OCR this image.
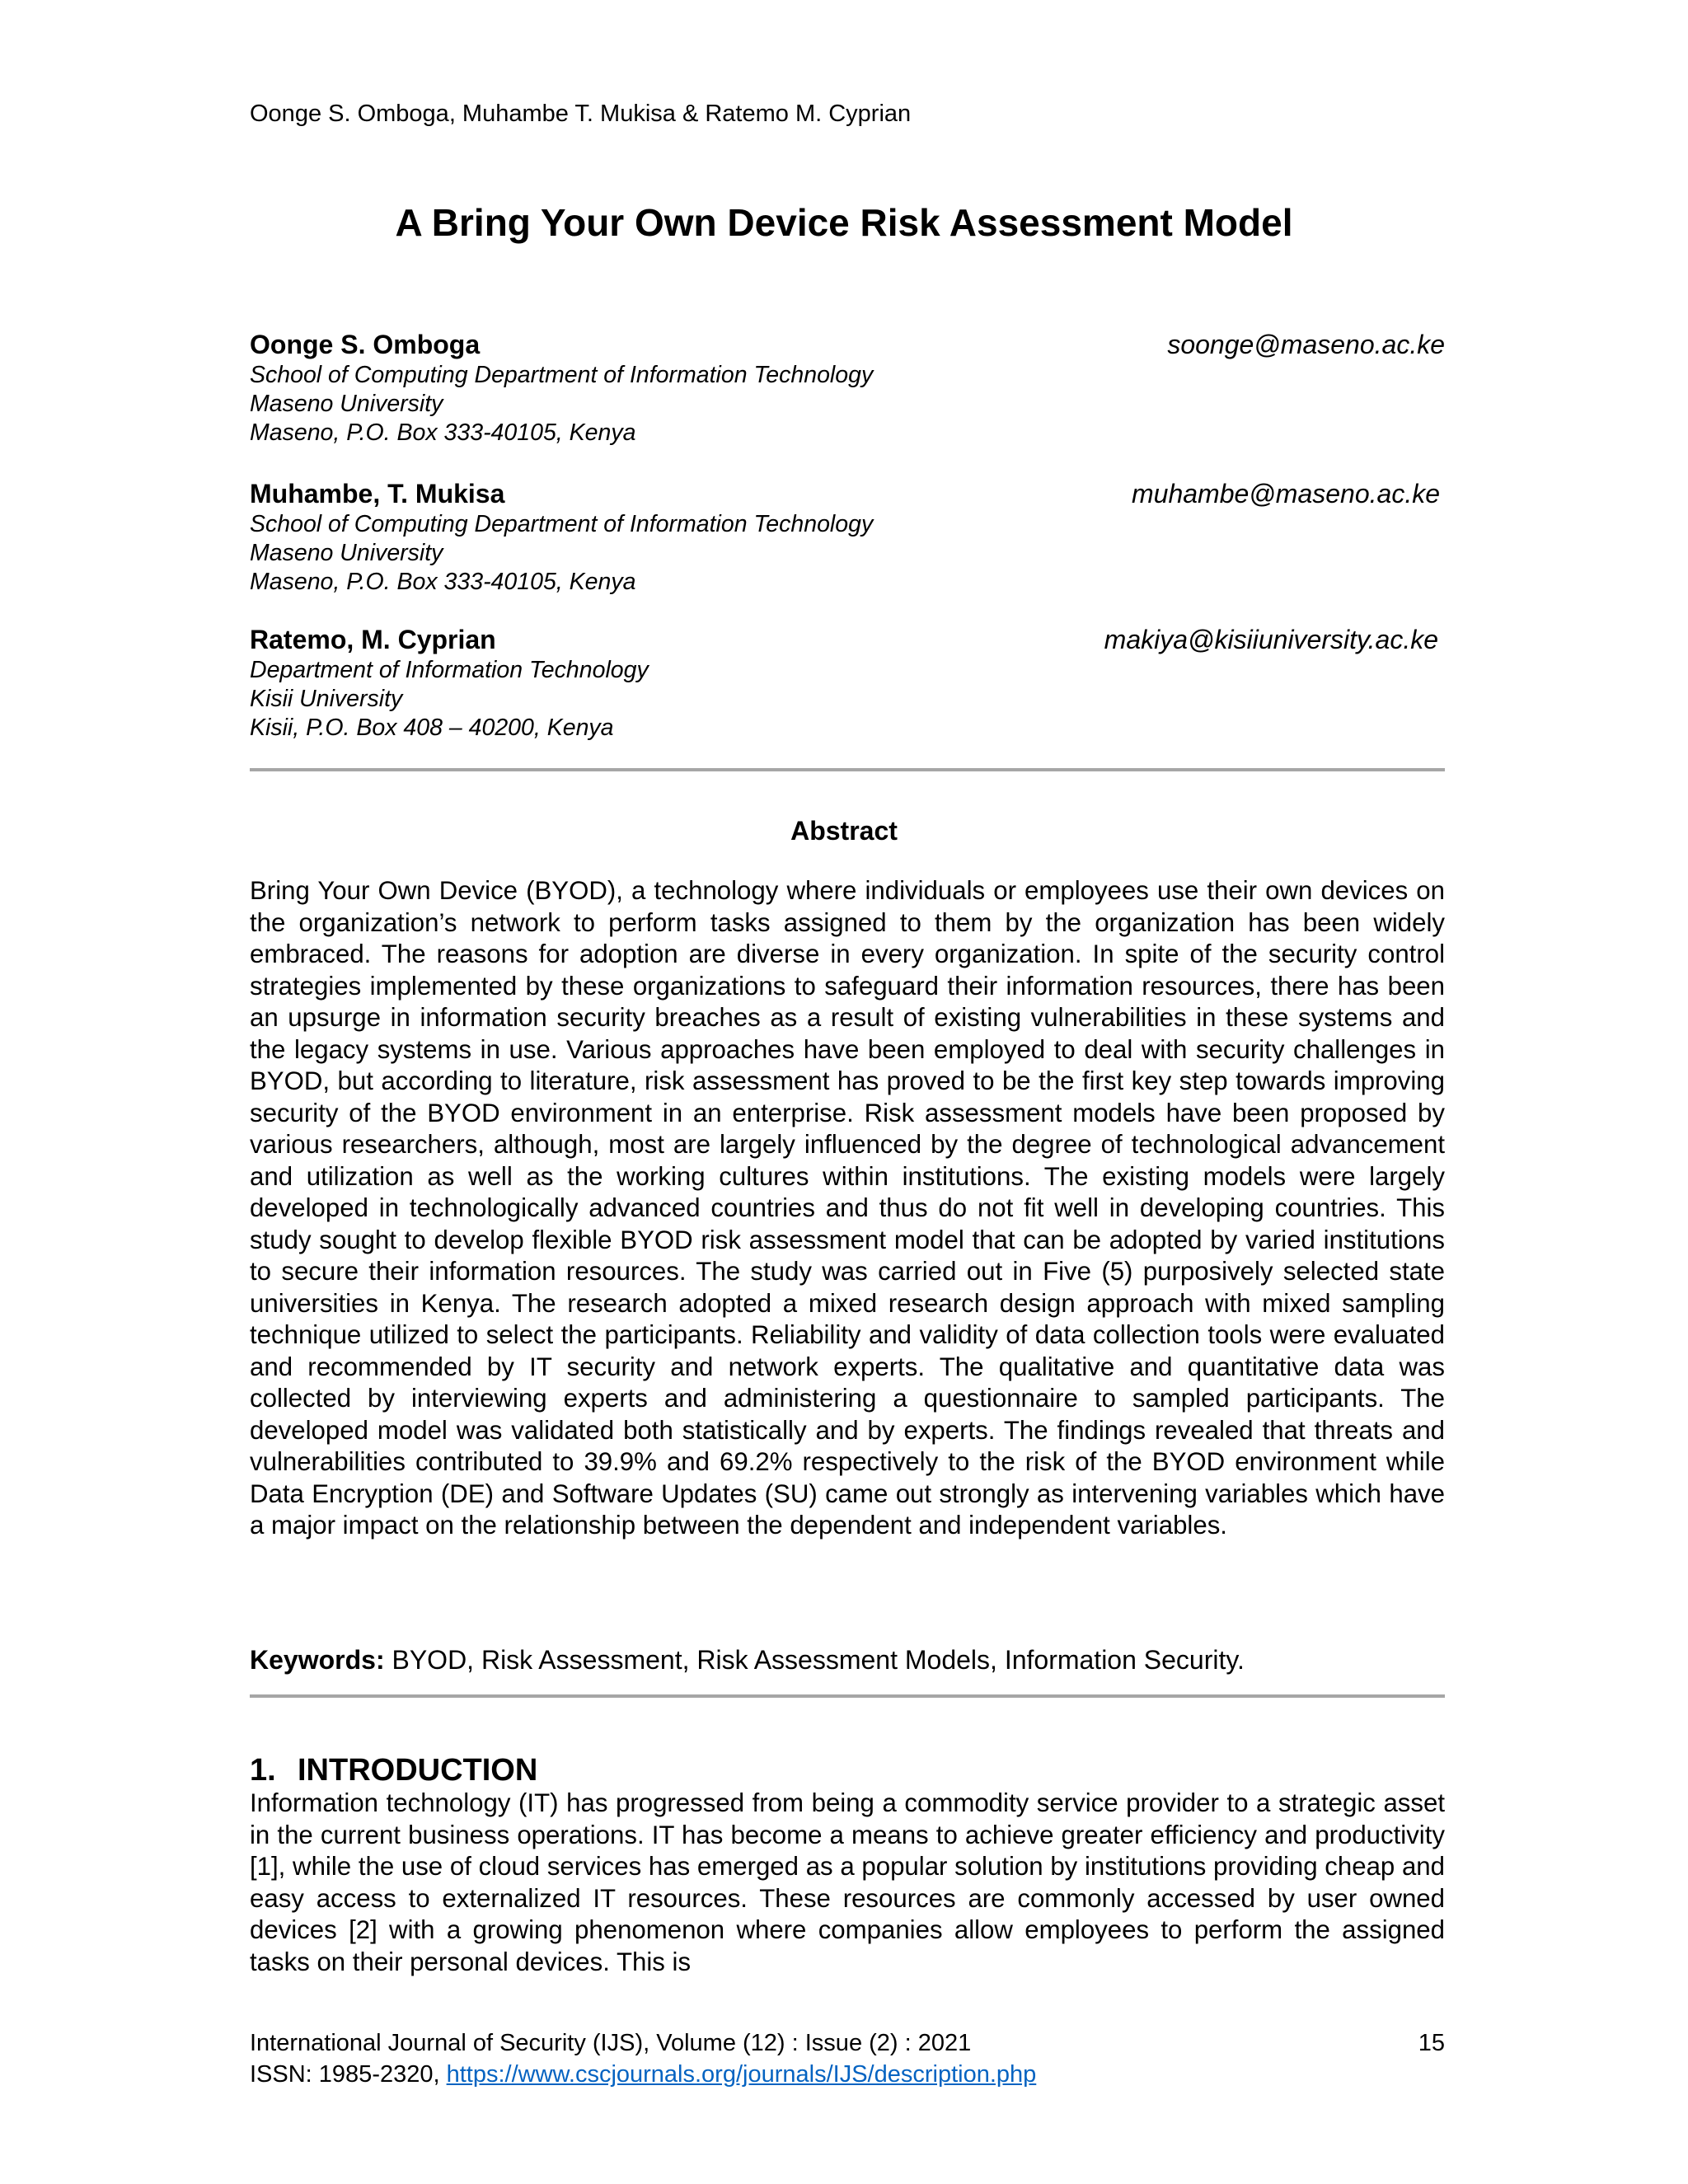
Oonge S. Omboga, Muhambe T. Mukisa & Ratemo M. Cyprian
A Bring Your Own Device Risk Assessment Model
Oonge S. Omboga	soonge@maseno.ac.ke
School of Computing Department of Information Technology
Maseno University
Maseno, P.O. Box 333-40105, Kenya
Muhambe, T. Mukisa	muhambe@maseno.ac.ke
School of Computing Department of Information Technology
Maseno University
Maseno, P.O. Box 333-40105, Kenya
Ratemo, M. Cyprian	makiya@kisiiuniversity.ac.ke
Department of Information Technology
Kisii University
Kisii, P.O. Box 408 – 40200, Kenya
Abstract
Bring Your Own Device (BYOD), a technology where individuals or employees use their own devices on the organization’s network to perform tasks assigned to them by the organization has been widely embraced. The reasons for adoption are diverse in every organization. In spite of the security control strategies implemented by these organizations to safeguard their information resources, there has been an upsurge in information security breaches as a result of existing vulnerabilities in these systems and the legacy systems in use. Various approaches have been employed to deal with security challenges in BYOD, but according to literature, risk assessment has proved to be the first key step towards improving security of the BYOD environment in an enterprise. Risk assessment models have been proposed by various researchers, although, most are largely influenced by the degree of technological advancement and utilization as well as the working cultures within institutions. The existing models were largely developed in technologically advanced countries and thus do not fit well in developing countries. This study sought to develop flexible BYOD risk assessment model that can be adopted by varied institutions to secure their information resources. The study was carried out in Five (5) purposively selected state universities in Kenya. The research adopted a mixed research design approach with mixed sampling technique utilized to select the participants. Reliability and validity of data collection tools were evaluated and recommended by IT security and network experts. The qualitative and quantitative data was collected by interviewing experts and administering a questionnaire to sampled participants. The developed model was validated both statistically and by experts. The findings revealed that threats and vulnerabilities contributed to 39.9% and 69.2% respectively to the risk of the BYOD environment while Data Encryption (DE) and Software Updates (SU) came out strongly as intervening variables which have a major impact on the relationship between the dependent and independent variables.
Keywords: BYOD, Risk Assessment, Risk Assessment Models, Information Security.
1. INTRODUCTION
Information technology (IT) has progressed from being a commodity service provider to a strategic asset in the current business operations. IT has become a means to achieve greater efficiency and productivity [1], while the use of cloud services has emerged as a popular solution by institutions providing cheap and easy access to externalized IT resources. These resources are commonly accessed by user owned devices [2] with a growing phenomenon where companies allow employees to perform the assigned tasks on their personal devices. This is
International Journal of Security (IJS), Volume (12) : Issue (2) : 2021	15
ISSN: 1985-2320, https://www.cscjournals.org/journals/IJS/description.php
